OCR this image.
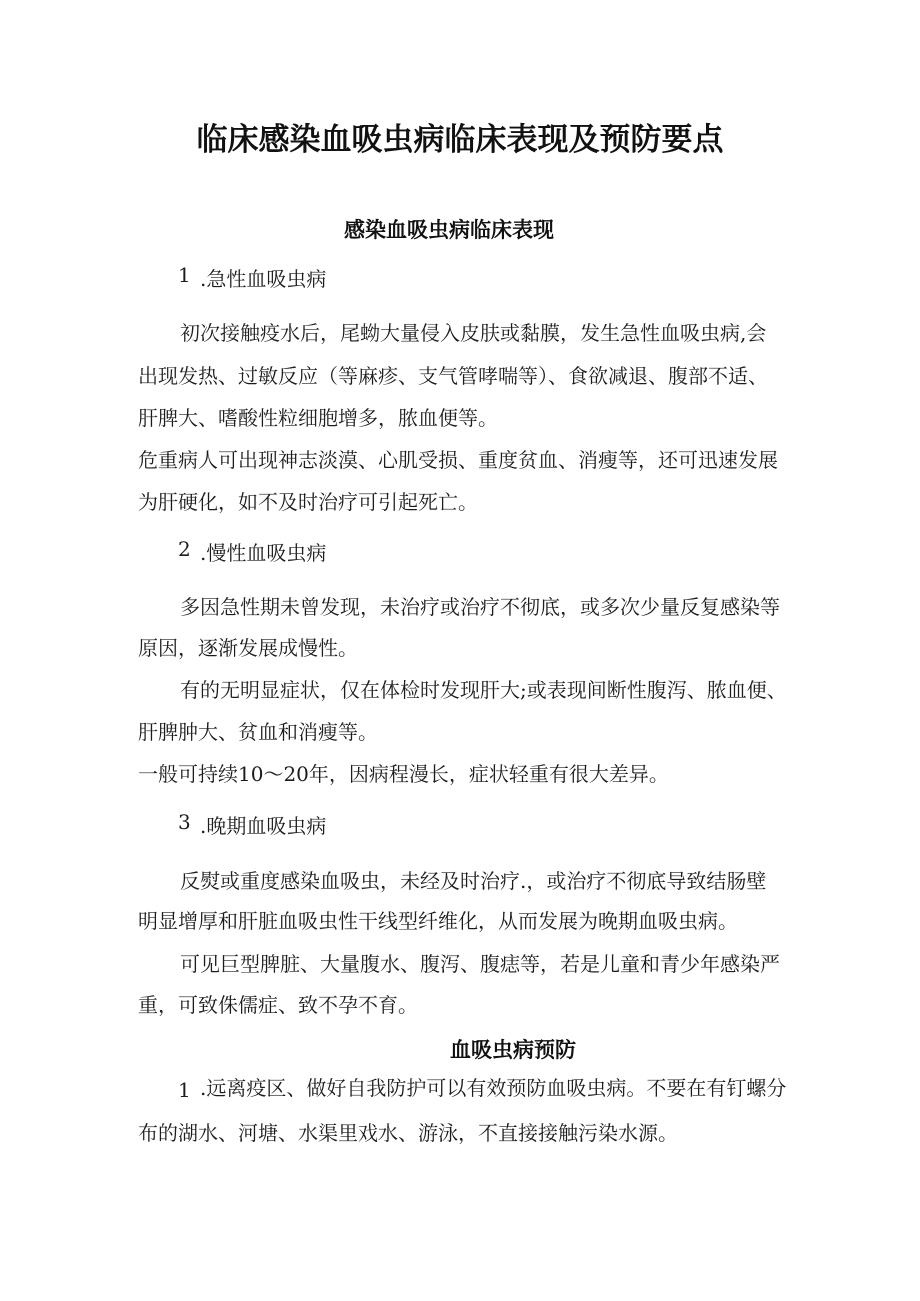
临床感染血吸虫病临床表现及预防要点
感染血吸虫病临床表现
1 .急性血吸虫病

初次接触疫水后，尾蚴大量侵入皮肤或黏膜，发生急性血吸虫病,会

出现发热、过敏反应（等麻疹、支气管哮喘等）、食欲减退、腹部不适、

肝脾大、嗜酸性粒细胞增多，脓血便等。

危重病人可出现神志淡漠、心肌受损、重度贫血、消瘦等，还可迅速发展

为肝硬化，如不及时治疗可引起死亡。

2 .慢性血吸虫病

多因急性期未曾发现，未治疗或治疗不彻底，或多次少量反复感染等

原因，逐渐发展成慢性。

有的无明显症状，仅在体检时发现肝大;或表现间断性腹泻、脓血便、

肝脾肿大、贫血和消瘦等。

一般可持续10～20年，因病程漫长，症状轻重有很大差异。

3 .晚期血吸虫病

反熨或重度感染血吸虫，未经及时治疗.，或治疗不彻底导致结肠壁

明显增厚和肝脏血吸虫性干线型纤维化，从而发展为晚期血吸虫病。

可见巨型脾脏、大量腹水、腹泻、腹痣等，若是儿童和青少年感染严

重，可致侏儒症、致不孕不育。

血吸虫病预防
1 .远离疫区、做好自我防护可以有效预防血吸虫病。不要在有钉螺分

布的湖水、河塘、水渠里戏水、游泳，不直接接触污染水源。
